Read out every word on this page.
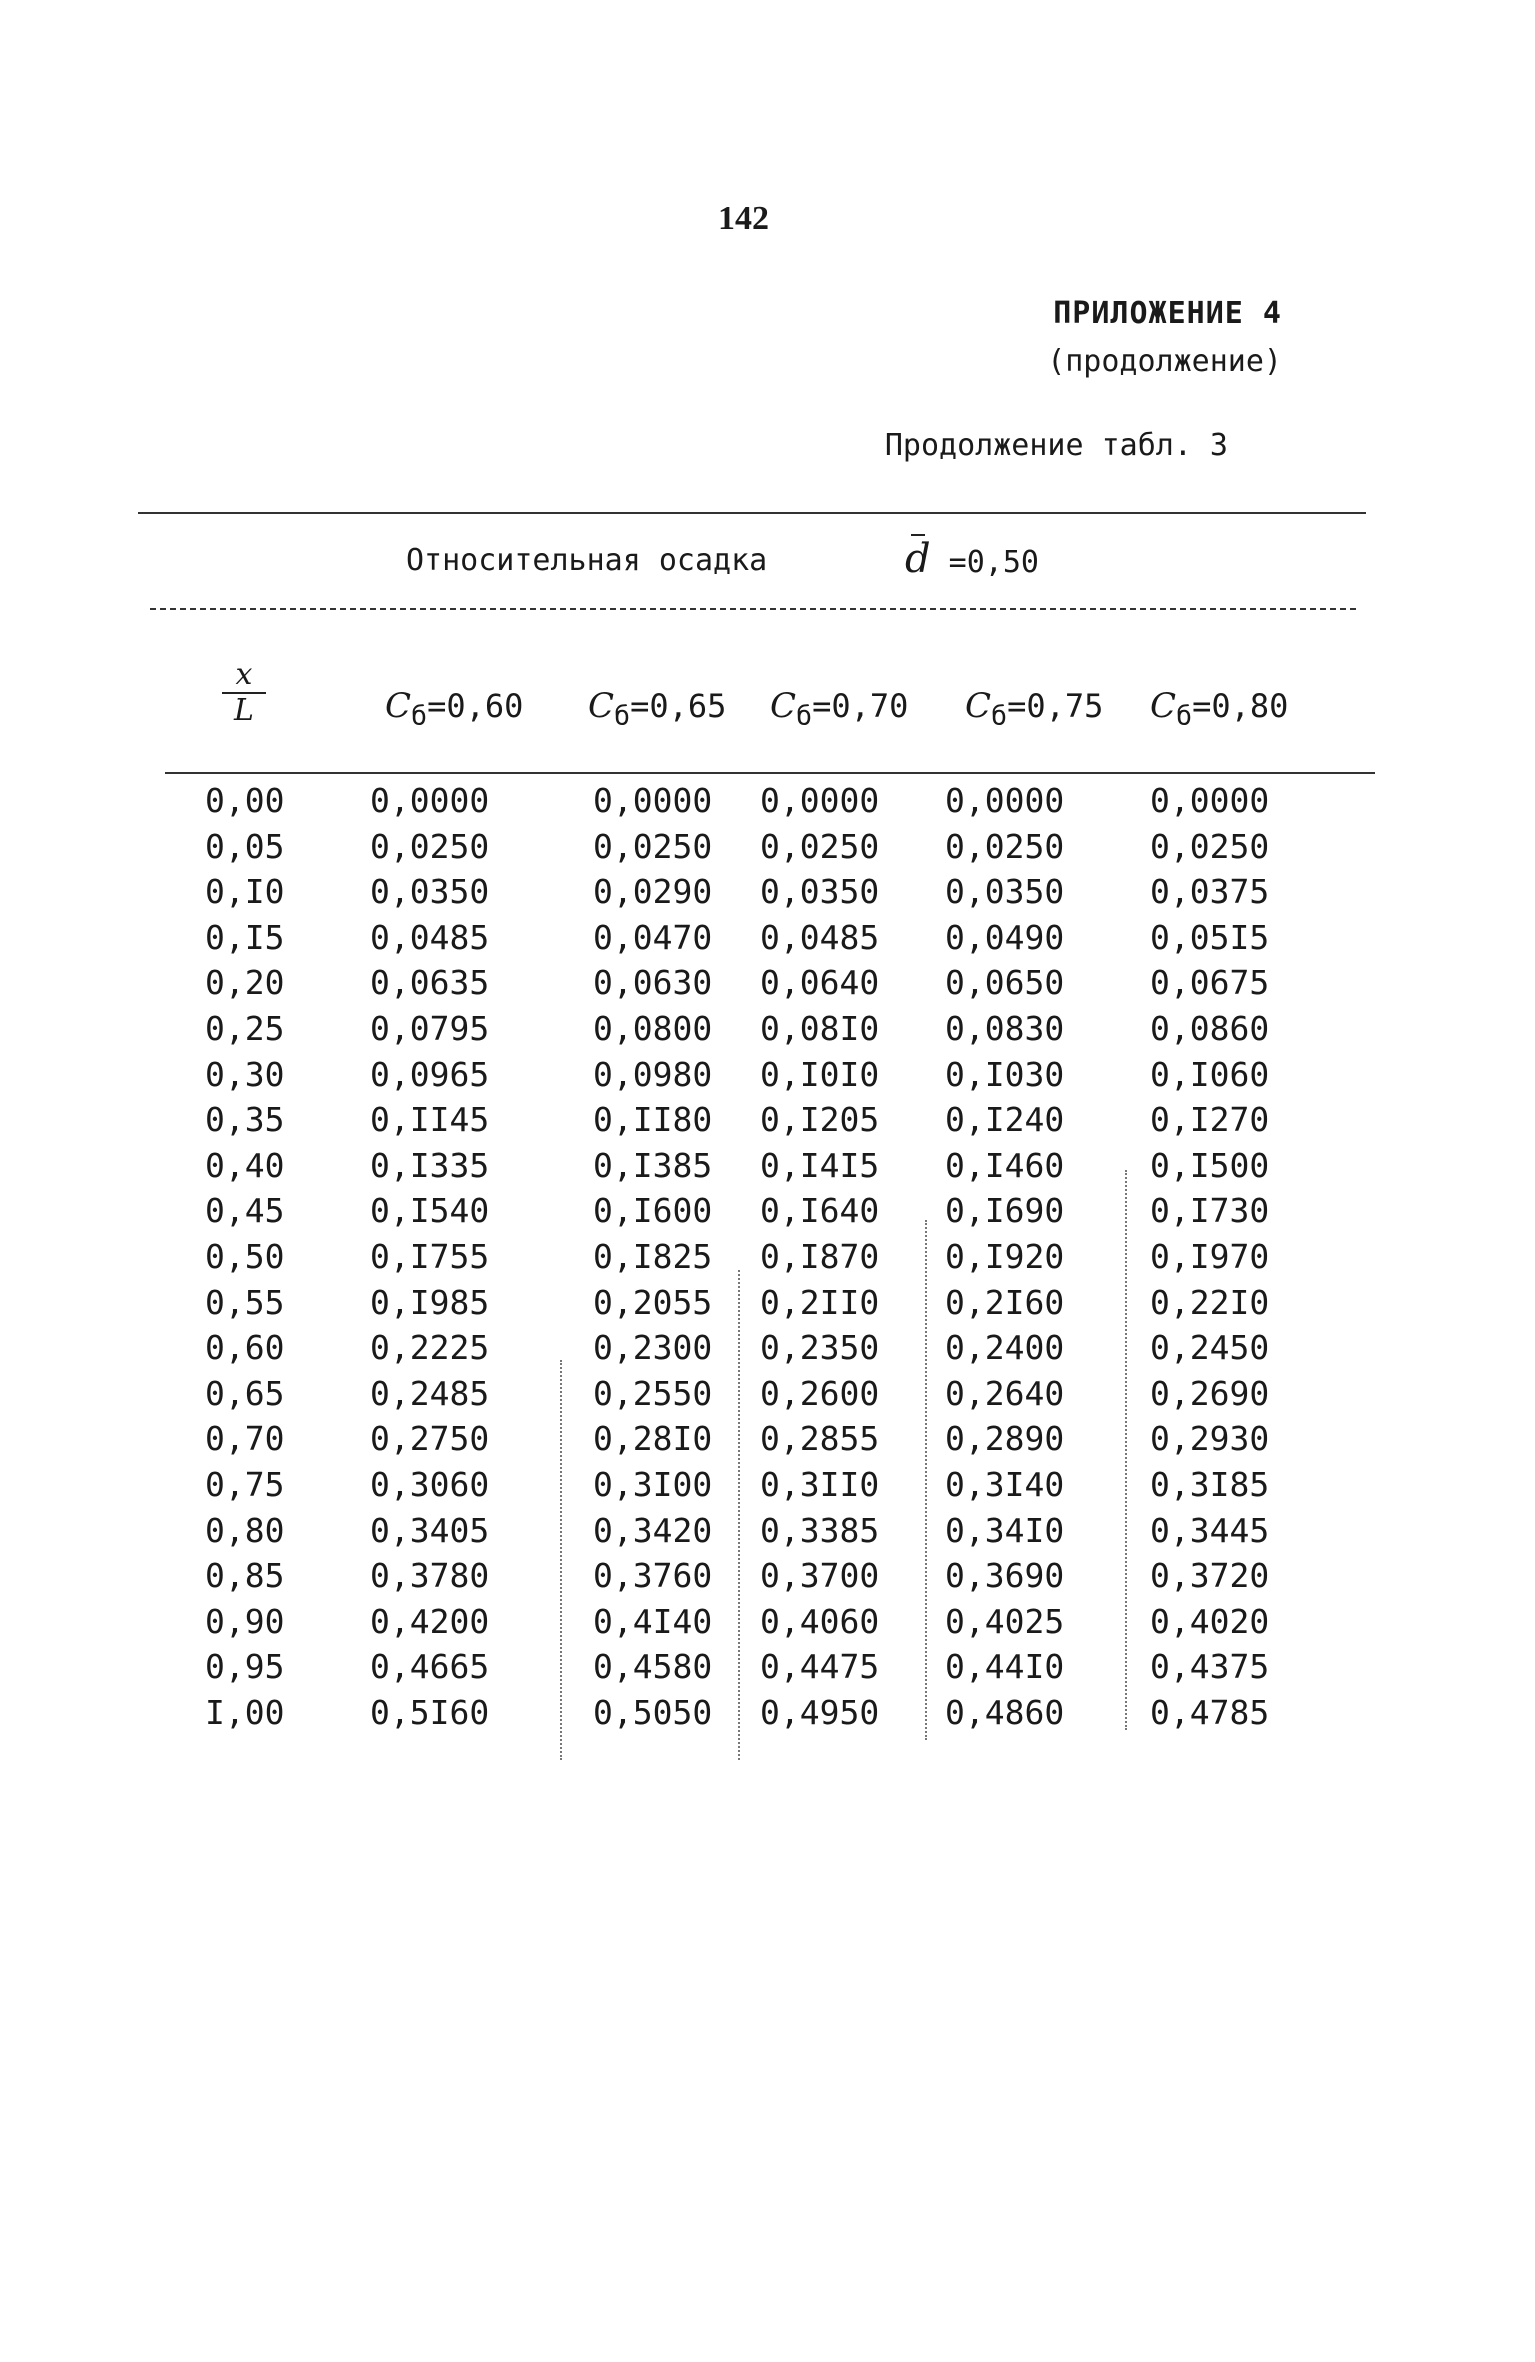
142

ПРИЛОЖЕНИЕ 4
(продолжение)
Продолжение табл. 3
Относительная осадка	d =0,50
$\frac{x}{L}$	$C_б=0,60$ $C_б=0,65$ $C_б=0,70$ $C_б=0,75$ $C_б=0,80$
0,00	0,0000	0,0000 0,0000 0,0000	0,0000
0,05	0,0250	0,0250 0,0250 0,0250	0,0250
0,I0	0,0350	0,0290 0,0350 0,0350	0,0375
0,I5	0,0485	0,0470 0,0485 0,0490	0,05I5
0,20	0,0635	0,0630 0,0640 0,0650	0,0675
0,25	0,0795	0,0800 0,08I0 0,0830	0,0860
0,30	0,0965	0,0980 0,I0I0 0,I030	0,I060
0,35	0,II45	0,II80 0,I205 0,I240	0,I270
0,40	0,I335	0,I385 0,I4I5 0,I460	0,I500
0,45	0,I540	0,I600 0,I640 0,I690	0,I730
0,50	0,I755	0,I825 0,I870 0,I920	0,I970
0,55	0,I985	0,2055 0,2II0 0,2I60	0,22I0
0,60	0,2225	0,2300 0,2350 0,2400	0,2450
0,65	0,2485	0,2550 0,2600 0,2640	0,2690
0,70	0,2750	0,28I0 0,2855 0,2890	0,2930
0,75	0,3060	0,3I00 0,3II0 0,3I40	0,3I85
0,80	0,3405	0,3420 0,3385 0,34I0	0,3445
0,85	0,3780	0,3760 0,3700 0,3690	0,3720
0,90	0,4200	0,4I40 0,4060 0,4025	0,4020
0,95	0,4665	0,4580 0,4475 0,44I0	0,4375
I,00	0,5I60	0,5050 0,4950 0,4860	0,4785
